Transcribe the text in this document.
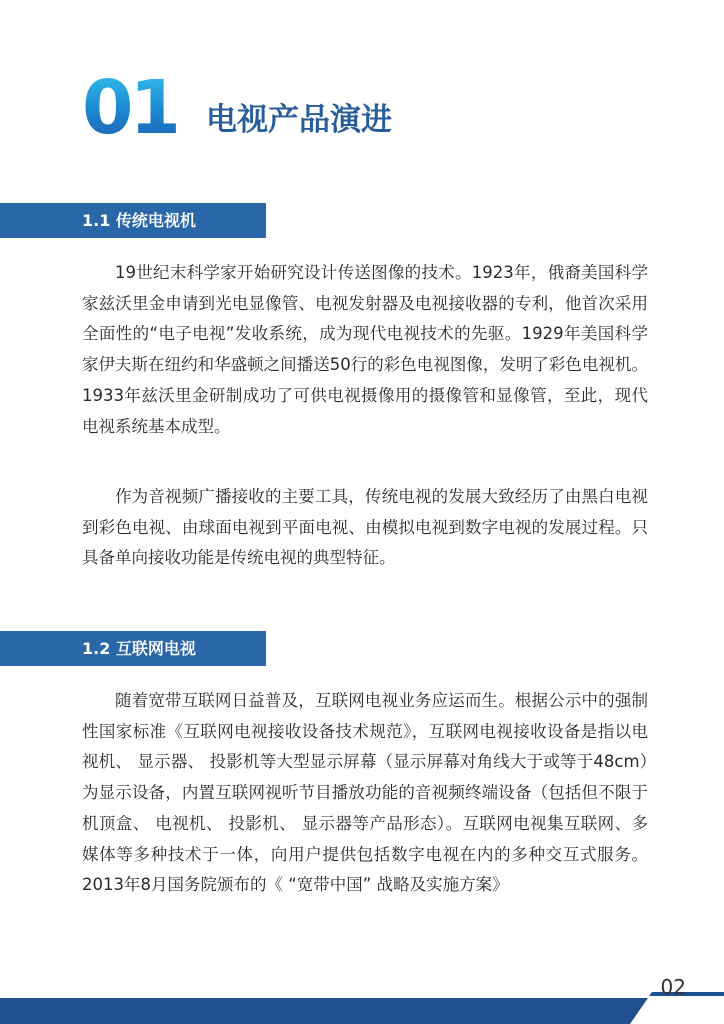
01 电视产品演进
1.1 传统电视机

19世纪末科学家开始研究设计传送图像的技术。1923年，俄裔美国科学家兹沃里金申请到光电显像管、电视发射器及电视接收器的专利，他首次采用全面性的“电子电视”发收系统，成为现代电视技术的先驱。1929年美国科学家伊夫斯在纽约和华盛顿之间播送50行的彩色电视图像，发明了彩色电视机。1933年兹沃里金研制成功了可供电视摄像用的摄像管和显像管，至此，现代电视系统基本成型。

作为音视频广播接收的主要工具，传统电视的发展大致经历了由黑白电视到彩色电视、由球面电视到平面电视、由模拟电视到数字电视的发展过程。只具备单向接收功能是传统电视的典型特征。

1.2 互联网电视

随着宽带互联网日益普及，互联网电视业务应运而生。根据公示中的强制性国家标准《互联网电视接收设备技术规范》，互联网电视接收设备是指以电视机、 显示器、 投影机等大型显示屏幕（显示屏幕对角线大于或等于48cm）为显示设备，内置互联网视听节目播放功能的音视频终端设备（包括但不限于机顶盒、 电视机、 投影机、 显示器等产品形态）。互联网电视集互联网、多媒体等多种技术于一体，向用户提供包括数字电视在内的多种交互式服务。2013年8月国务院颁布的《 “宽带中国” 战略及实施方案》

智慧屏白皮书工作组编制	02
